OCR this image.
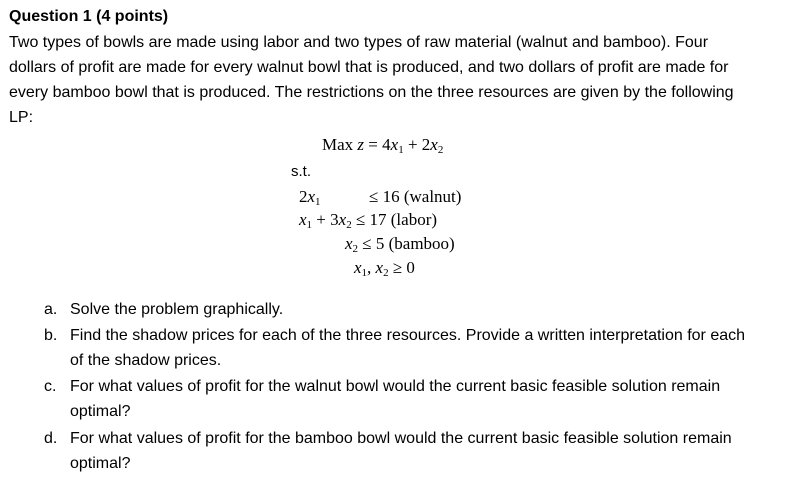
Question 1 (4 points)

Two types of bowls are made using labor and two types of raw material (walnut and bamboo). Four
dollars of profit are made for every walnut bowl that is produced, and two dollars of profit are made for
every bamboo bowl that is produced. The restrictions on the three resources are given by the following
LP:

Max $z = 4x_1 + 2x_2$
s.t.
$2x_1$	≤ 16 (walnut)
$x_1 + 3x_2 \le 17$ (labor)
$x_2 \le 5$ (bamboo)
$x_1$, $x_2 \ge 0$
a. Solve the problem graphically.
b. Find the shadow prices for each of the three resources. Provide a written interpretation for each
of the shadow prices.
c. For what values of profit for the walnut bowl would the current basic feasible solution remain
optimal?
d. For what values of profit for the bamboo bowl would the current basic feasible solution remain
optimal?
